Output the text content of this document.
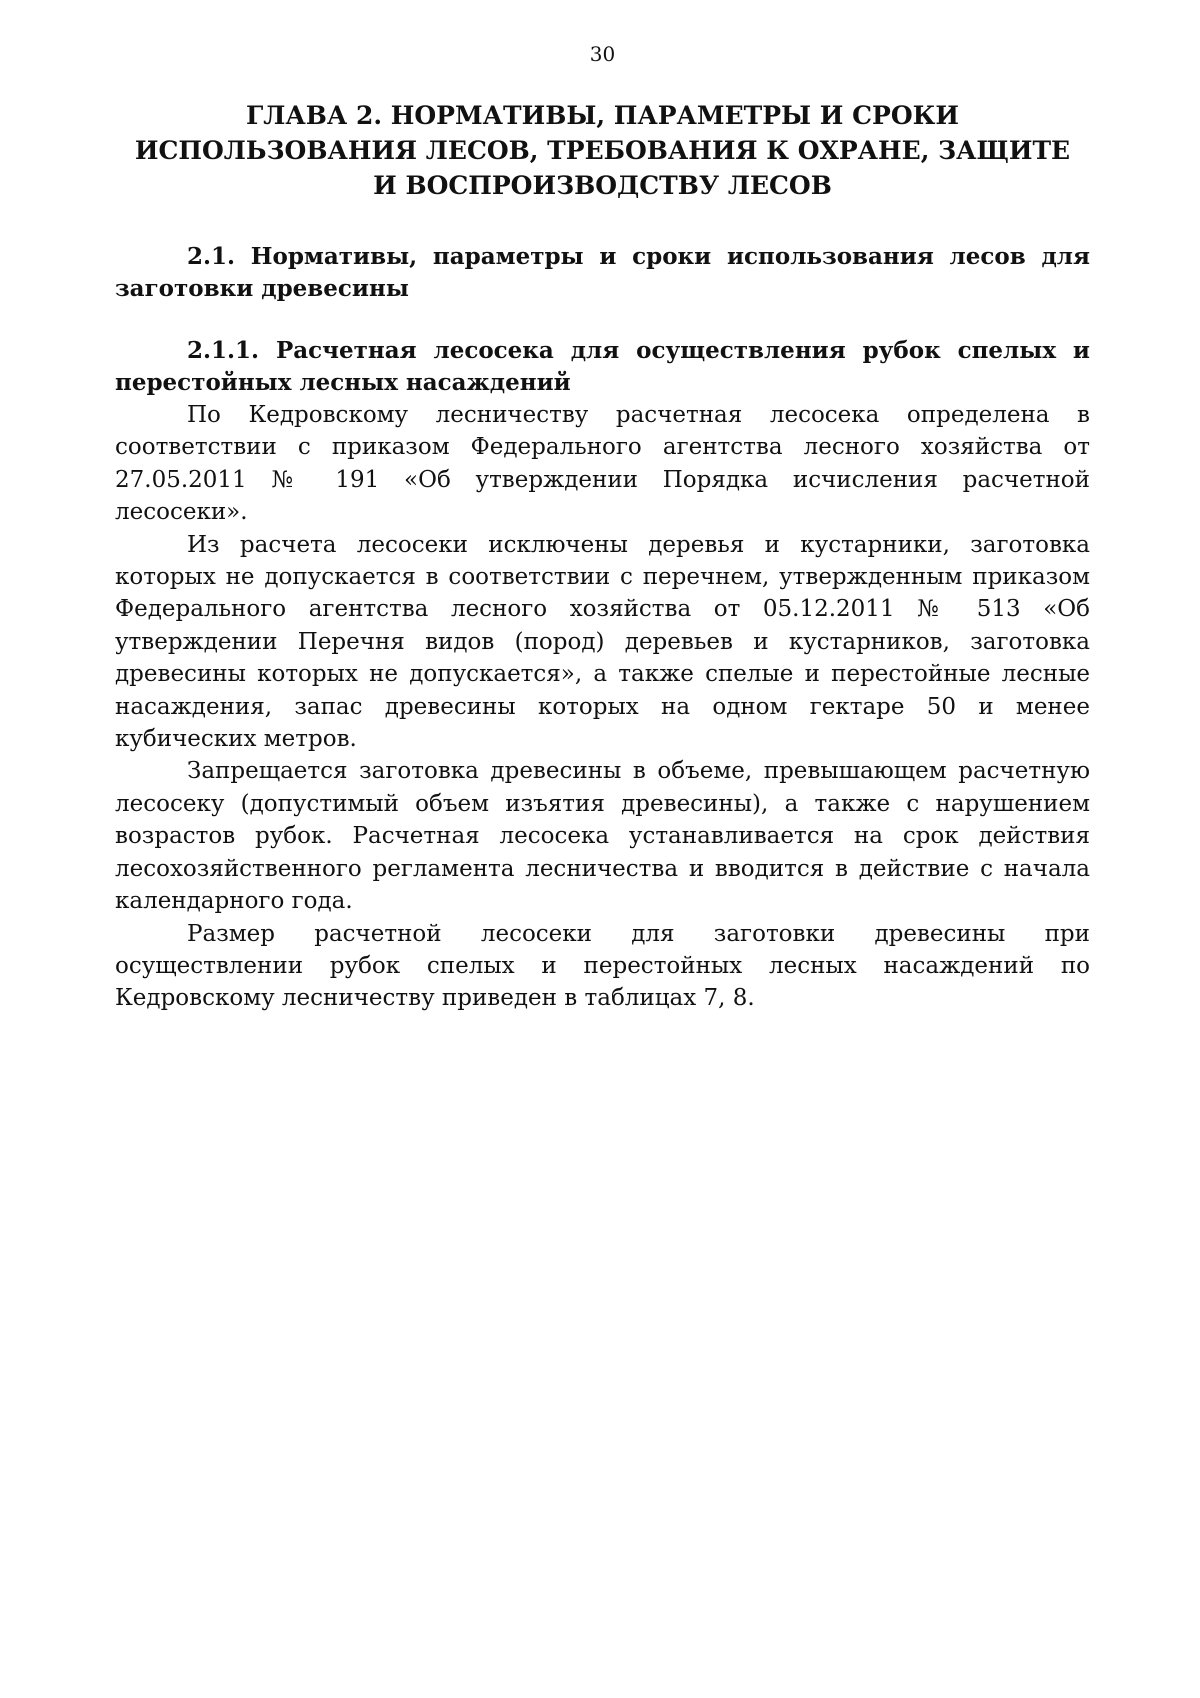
30
ГЛАВА 2. НОРМАТИВЫ, ПАРАМЕТРЫ И СРОКИ
ИСПОЛЬЗОВАНИЯ ЛЕСОВ, ТРЕБОВАНИЯ К ОХРАНЕ, ЗАЩИТЕ
И ВОСПРОИЗВОДСТВУ ЛЕСОВ

2.1. Нормативы, параметры и сроки использования лесов для заготовки древесины

2.1.1. Расчетная лесосека для осуществления рубок спелых и перестойных лесных насаждений

По Кедровскому лесничеству расчетная лесосека определена в соответствии с приказом Федерального агентства лесного хозяйства от 27.05.2011 № 191 «Об утверждении Порядка исчисления расчетной лесосеки».

Из расчета лесосеки исключены деревья и кустарники, заготовка которых не допускается в соответствии с перечнем, утвержденным приказом Федерального агентства лесного хозяйства от 05.12.2011 № 513 «Об утверждении Перечня видов (пород) деревьев и кустарников, заготовка древесины которых не допускается», а также спелые и перестойные лесные насаждения, запас древесины которых на одном гектаре 50 и менее кубических метров.

Запрещается заготовка древесины в объеме, превышающем расчетную лесосеку (допустимый объем изъятия древесины), а также с нарушением возрастов рубок. Расчетная лесосека устанавливается на срок действия лесохозяйственного регламента лесничества и вводится в действие с начала календарного года.

Размер расчетной лесосеки для заготовки древесины при осуществлении рубок спелых и перестойных лесных насаждений по Кедровскому лесничеству приведен в таблицах 7, 8.
